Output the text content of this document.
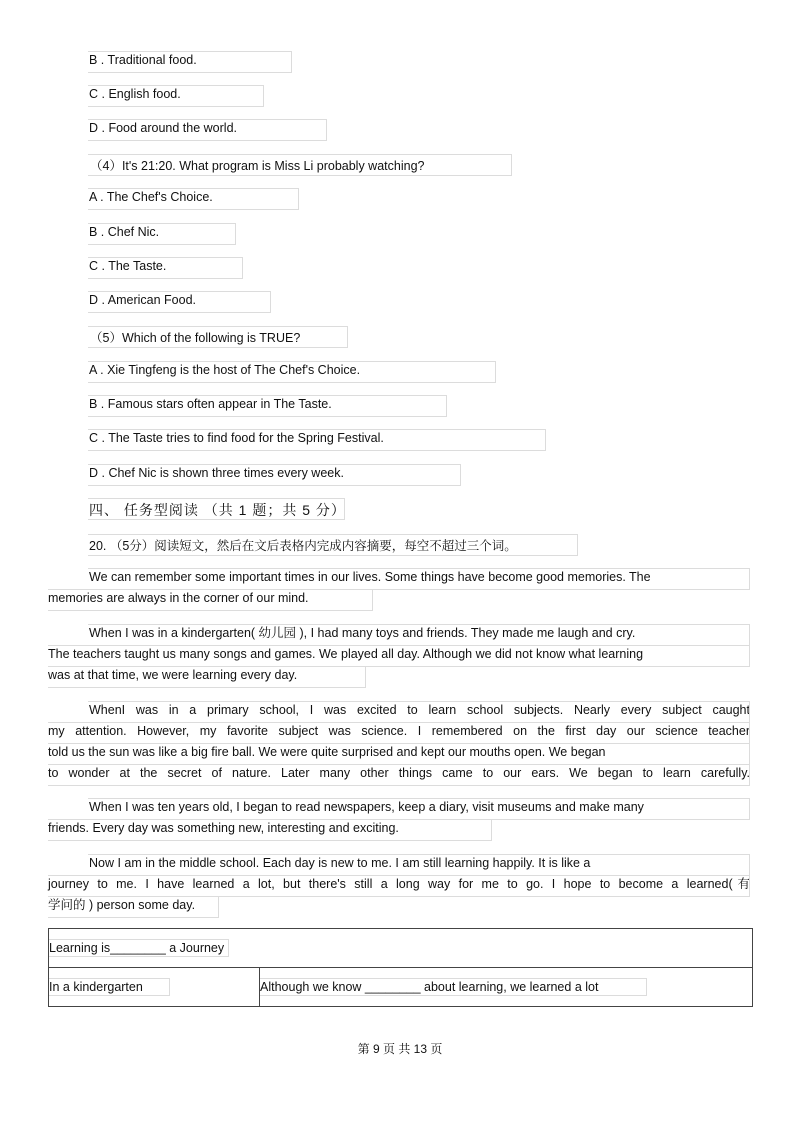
B . Traditional food.
C . English food.
D . Food around the world.
（4）It's 21:20. What program is Miss Li probably watching?
A . The Chef's Choice.
B . Chef Nic.
C . The Taste.
D . American Food.
（5）Which of the following is TRUE?
A . Xie Tingfeng is the host of The Chef's Choice.
B . Famous stars often appear in The Taste.
C . The Taste tries to find food for the Spring Festival.
D . Chef Nic is shown three times every week.
四、 任务型阅读 （共 1 题；共 5 分）
20. （5分）阅读短文，然后在文后表格内完成内容摘要，每空不超过三个词。
We can remember some important times in our lives. Some things have become good memories. The
memories are always in the corner of our mind.
When I was in a kindergarten( 幼儿园 ), I had many toys and friends. They made me laugh and cry.
The teachers taught us many songs and games. We played all day. Although we did not know what learning
was at that time, we were learning every day.
WhenI was in a primary school, I was excited to learn school subjects. Nearly every subject caught
my attention. However, my favorite subject was science. I remembered on the first day our science teacher
told us the sun was like a big fire ball. We were quite surprised and kept our mouths open. We began
to wonder at the secret of nature. Later many other things came to our ears. We began to learn carefully.
When I was ten years old, I began to read newspapers, keep a diary, visit museums and make many
friends. Every day was something new, interesting and exciting.
Now I am in the middle school. Each day is new to me. I am still learning happily. It is like a
journey to me. I have learned a lot, but there's still a long way for me to go. I hope to become a learned(有
学问的 ) person some day.
Learning is________ a Journey
In a kindergarten	Although we know ________ about learning, we learned a lot
第 9 页 共 13 页
